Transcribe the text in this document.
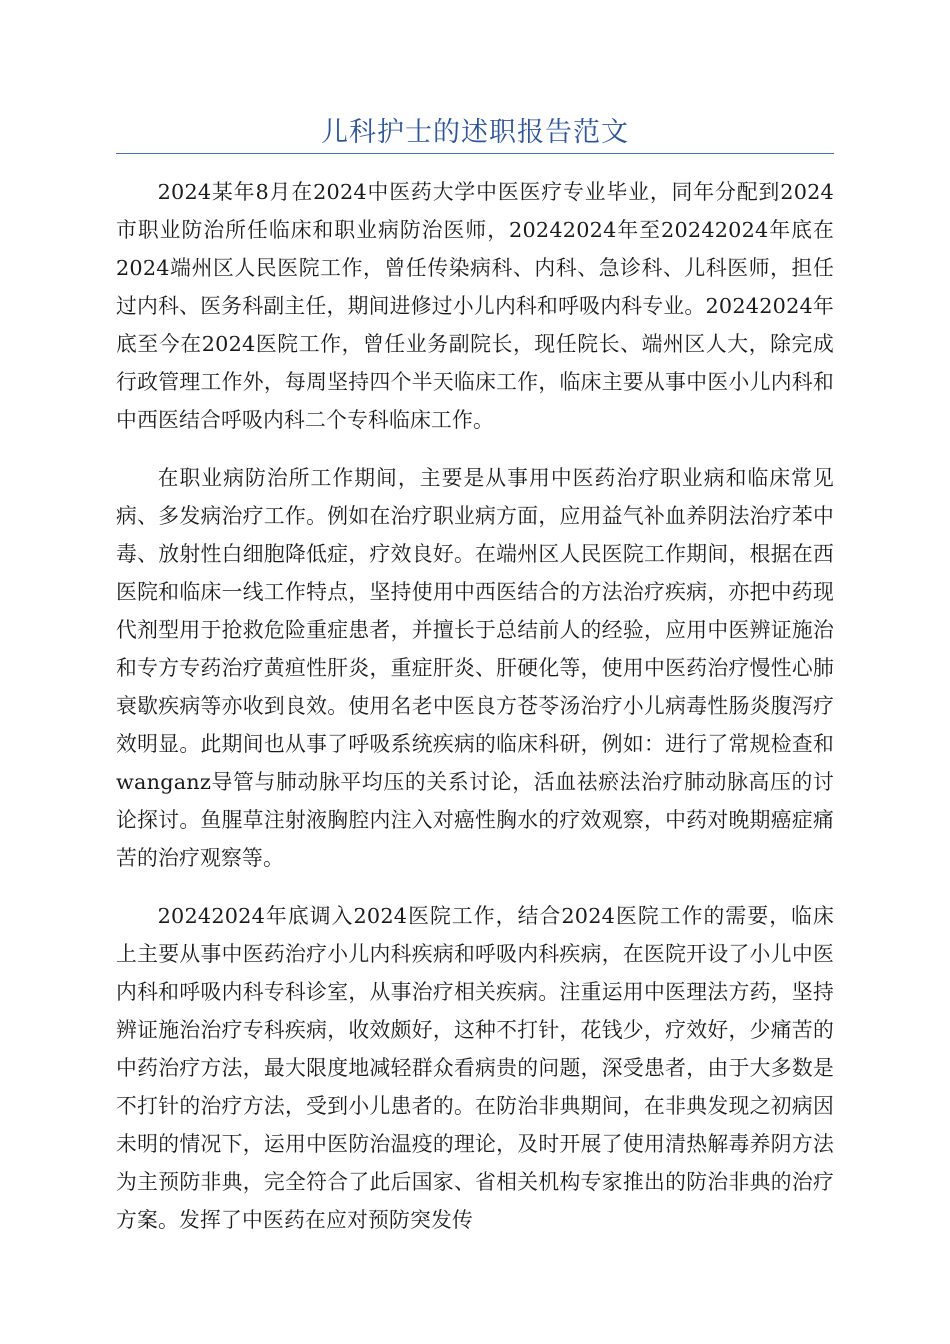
儿科护士的述职报告范文

2024某年8月在2024中医药大学中医医疗专业毕业，同年分配到2024市职业防治所任临床和职业病防治医师，20242024年至20242024年底在2024端州区人民医院工作，曾任传染病科、内科、急诊科、儿科医师，担任过内科、医务科副主任，期间进修过小儿内科和呼吸内科专业。20242024年底至今在2024医院工作，曾任业务副院长，现任院长、端州区人大，除完成行政管理工作外，每周坚持四个半天临床工作，临床主要从事中医小儿内科和中西医结合呼吸内科二个专科临床工作。

在职业病防治所工作期间，主要是从事用中医药治疗职业病和临床常见病、多发病治疗工作。例如在治疗职业病方面，应用益气补血养阴法治疗苯中毒、放射性白细胞降低症，疗效良好。在端州区人民医院工作期间，根据在西医院和临床一线工作特点，坚持使用中西医结合的方法治疗疾病，亦把中药现代剂型用于抢救危险重症患者，并擅长于总结前人的经验，应用中医辨证施治和专方专药治疗黄疸性肝炎，重症肝炎、肝硬化等，使用中医药治疗慢性心肺衰歇疾病等亦收到良效。使用名老中医良方苍苓汤治疗小儿病毒性肠炎腹泻疗效明显。此期间也从事了呼吸系统疾病的临床科研，例如：进行了常规检查和wanganz导管与肺动脉平均压的关系讨论，活血祛瘀法治疗肺动脉高压的讨论探讨。鱼腥草注射液胸腔内注入对癌性胸水的疗效观察，中药对晚期癌症痛苦的治疗观察等。

20242024年底调入2024医院工作，结合2024医院工作的需要，临床上主要从事中医药治疗小儿内科疾病和呼吸内科疾病，在医院开设了小儿中医内科和呼吸内科专科诊室，从事治疗相关疾病。注重运用中医理法方药，坚持辨证施治治疗专科疾病，收效颇好，这种不打针，花钱少，疗效好，少痛苦的中药治疗方法，最大限度地减轻群众看病贵的问题，深受患者，由于大多数是不打针的治疗方法，受到小儿患者的。在防治非典期间，在非典发现之初病因未明的情况下，运用中医防治温疫的理论，及时开展了使用清热解毒养阴方法为主预防非典，完全符合了此后国家、省相关机构专家推出的防治非典的治疗方案。发挥了中医药在应对预防突发传
